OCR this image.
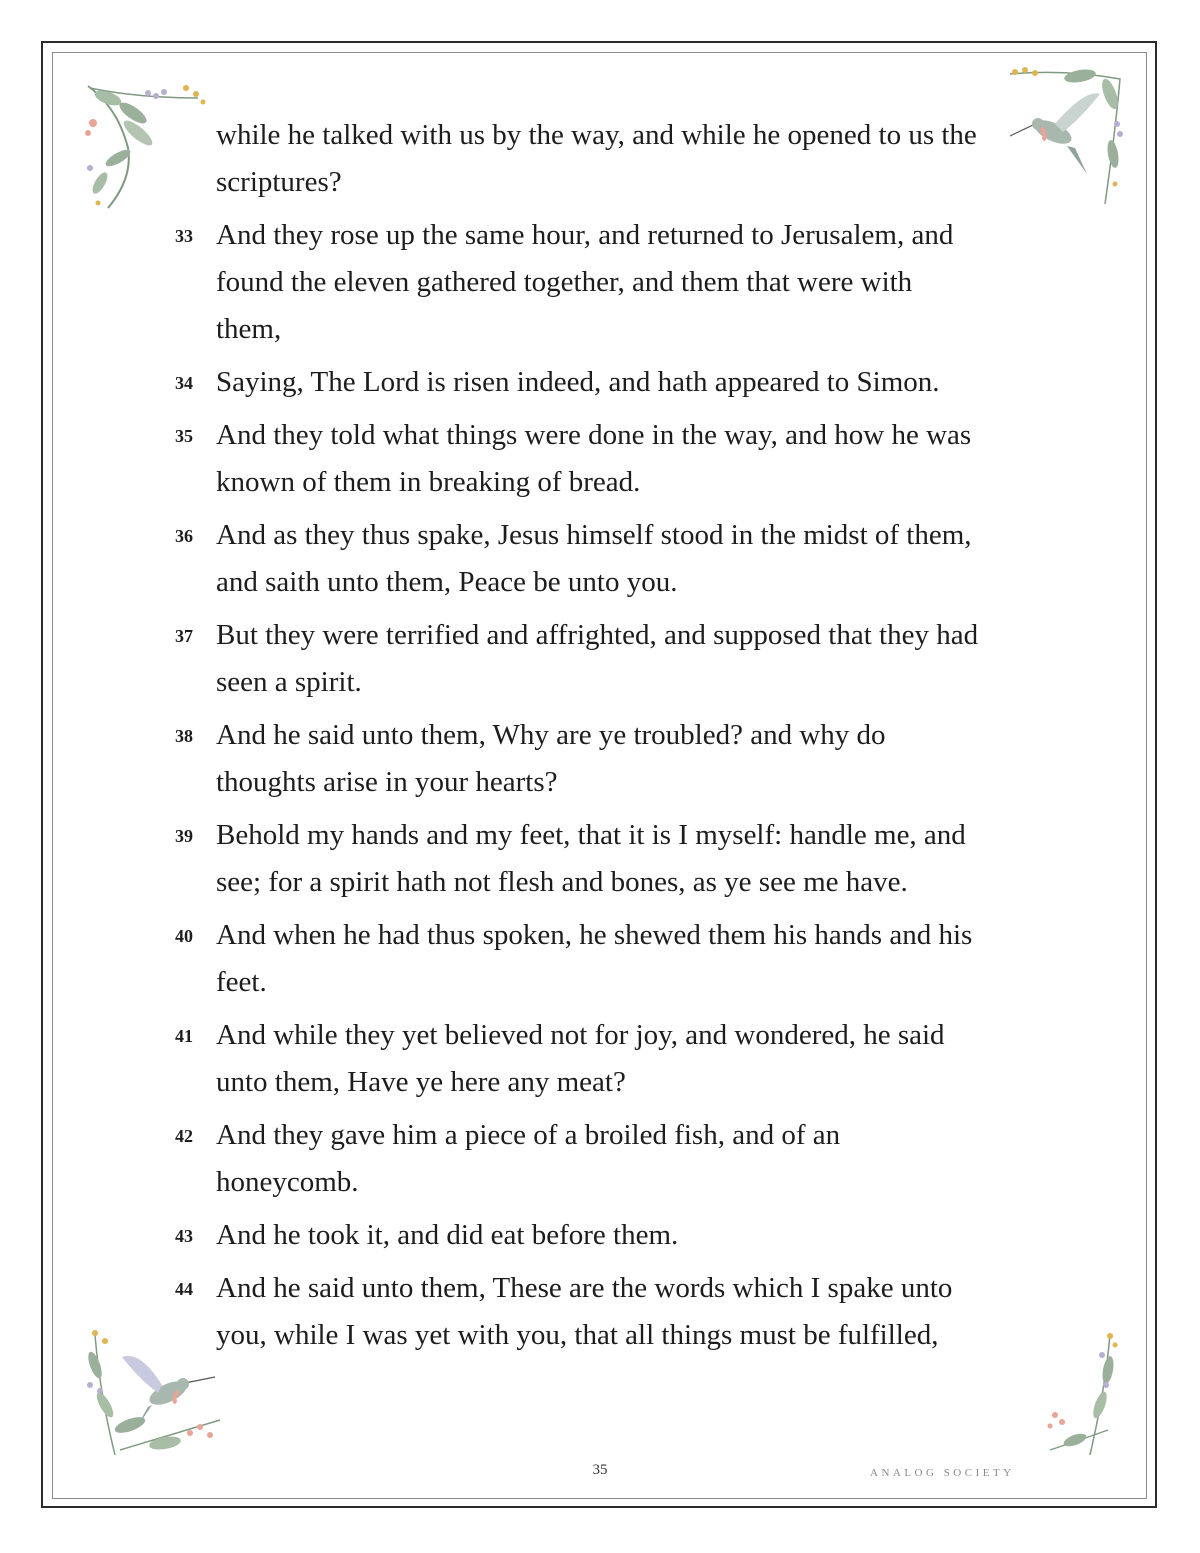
while he talked with us by the way, and while he opened to us the
scriptures?
33 And they rose up the same hour, and returned to Jerusalem, and
found the eleven gathered together, and them that were with
them,
34 Saying, The Lord is risen indeed, and hath appeared to Simon.
35 And they told what things were done in the way, and how he was
known of them in breaking of bread.
36 And as they thus spake, Jesus himself stood in the midst of them,
and saith unto them, Peace be unto you.
37 But they were terrified and affrighted, and supposed that they had
seen a spirit.
38 And he said unto them, Why are ye troubled? and why do
thoughts arise in your hearts?
39 Behold my hands and my feet, that it is I myself: handle me, and
see; for a spirit hath not flesh and bones, as ye see me have.
40 And when he had thus spoken, he shewed them his hands and his
feet.
41 And while they yet believed not for joy, and wondered, he said
unto them, Have ye here any meat?
42 And they gave him a piece of a broiled fish, and of an
honeycomb.
43 And he took it, and did eat before them.
44 And he said unto them, These are the words which I spake unto
you, while I was yet with you, that all things must be fulfilled,
35	ANALOG SOCIETY
